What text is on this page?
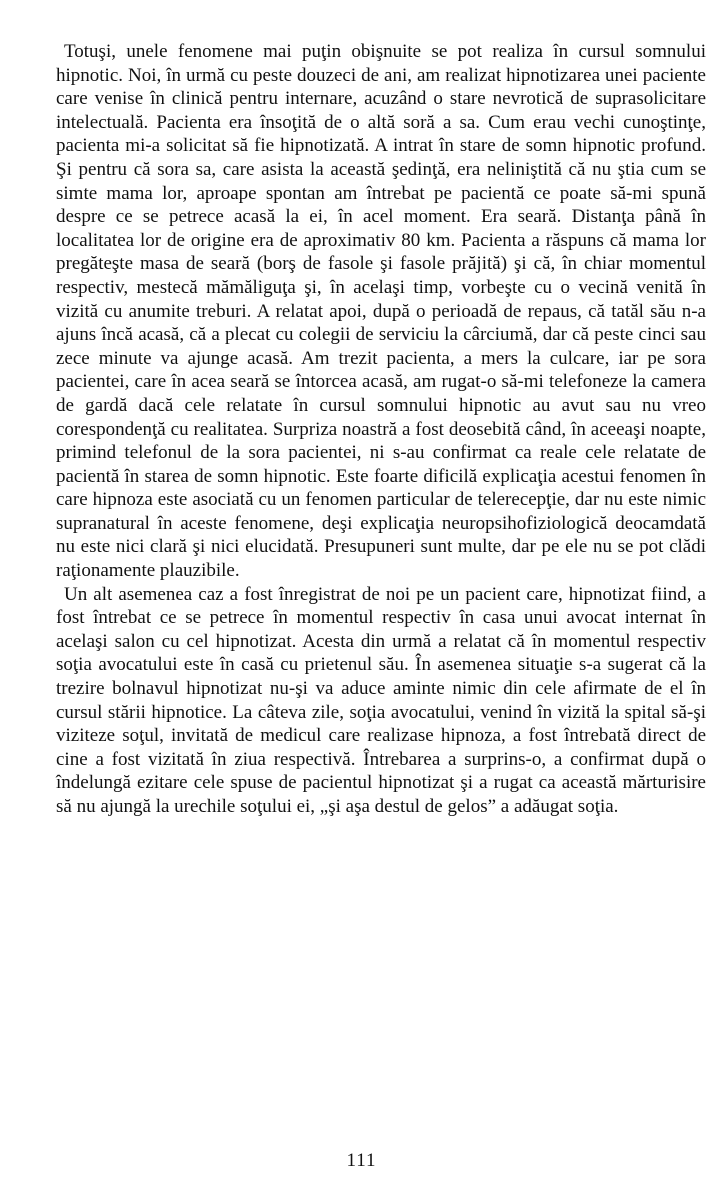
Totuşi, unele fenomene mai puţin obişnuite se pot realiza în cursul somnului hipnotic. Noi, în urmă cu peste douzeci de ani, am realizat hipnotizarea unei paciente care venise în clinică pentru internare, acuzând o stare nevrotică de suprasolicitare intelectuală. Pacienta era însoţită de o altă soră a sa. Cum erau vechi cunoştinţe, pacienta mi-a solicitat să fie hipnotizată. A intrat în stare de somn hipnotic profund. Şi pentru că sora sa, care asista la această şedinţă, era neliniştită că nu ştia cum se simte mama lor, aproape spontan am întrebat pe pacientă ce poate să-mi spună despre ce se petrece acasă la ei, în acel moment. Era seară. Distanţa până în localitatea lor de origine era de aproximativ 80 km. Pacienta a răspuns că mama lor pregăteşte masa de seară (borş de fasole şi fasole prăjită) şi că, în chiar momentul respectiv, mestecă mămăliguţa şi, în acelaşi timp, vorbeşte cu o vecină venită în vizită cu anumite treburi. A relatat apoi, după o perioadă de repaus, că tatăl său n-a ajuns încă acasă, că a plecat cu colegii de serviciu la cârciumă, dar că peste cinci sau zece minute va ajunge acasă. Am trezit pacienta, a mers la culcare, iar pe sora pacientei, care în acea seară se întorcea acasă, am rugat-o să-mi telefoneze la camera de gardă dacă cele relatate în cursul somnului hipnotic au avut sau nu vreo corespondenţă cu realitatea. Surpriza noastră a fost deosebită când, în aceeaşi noapte, primind telefonul de la sora pacientei, ni s-au confirmat ca reale cele relatate de pacientă în starea de somn hipnotic. Este foarte dificilă explicaţia acestui fenomen în care hipnoza este asociată cu un fenomen particular de telerecepţie, dar nu este nimic supranatural în aceste fenomene, deşi explicaţia neuropsihofiziologică deocamdată nu este nici clară şi nici elucidată. Presupuneri sunt multe, dar pe ele nu se pot clădi raţionamente plauzibile.

Un alt asemenea caz a fost înregistrat de noi pe un pacient care, hipnotizat fiind, a fost întrebat ce se petrece în momentul respectiv în casa unui avocat internat în acelaşi salon cu cel hipnotizat. Acesta din urmă a relatat că în momentul respectiv soţia avocatului este în casă cu prietenul său. În asemenea situaţie s-a sugerat că la trezire bolnavul hipnotizat nu-şi va aduce aminte nimic din cele afirmate de el în cursul stării hipnotice. La câteva zile, soţia avocatului, venind în vizită la spital să-şi viziteze soţul, invitată de medicul care realizase hipnoza, a fost întrebată direct de cine a fost vizitată în ziua respectivă. Întrebarea a surprins-o, a confirmat după o îndelungă ezitare cele spuse de pacientul hipnotizat şi a rugat ca această mărturisire să nu ajungă la urechile soţului ei, „şi aşa destul de gelos” a adăugat soţia.

111
